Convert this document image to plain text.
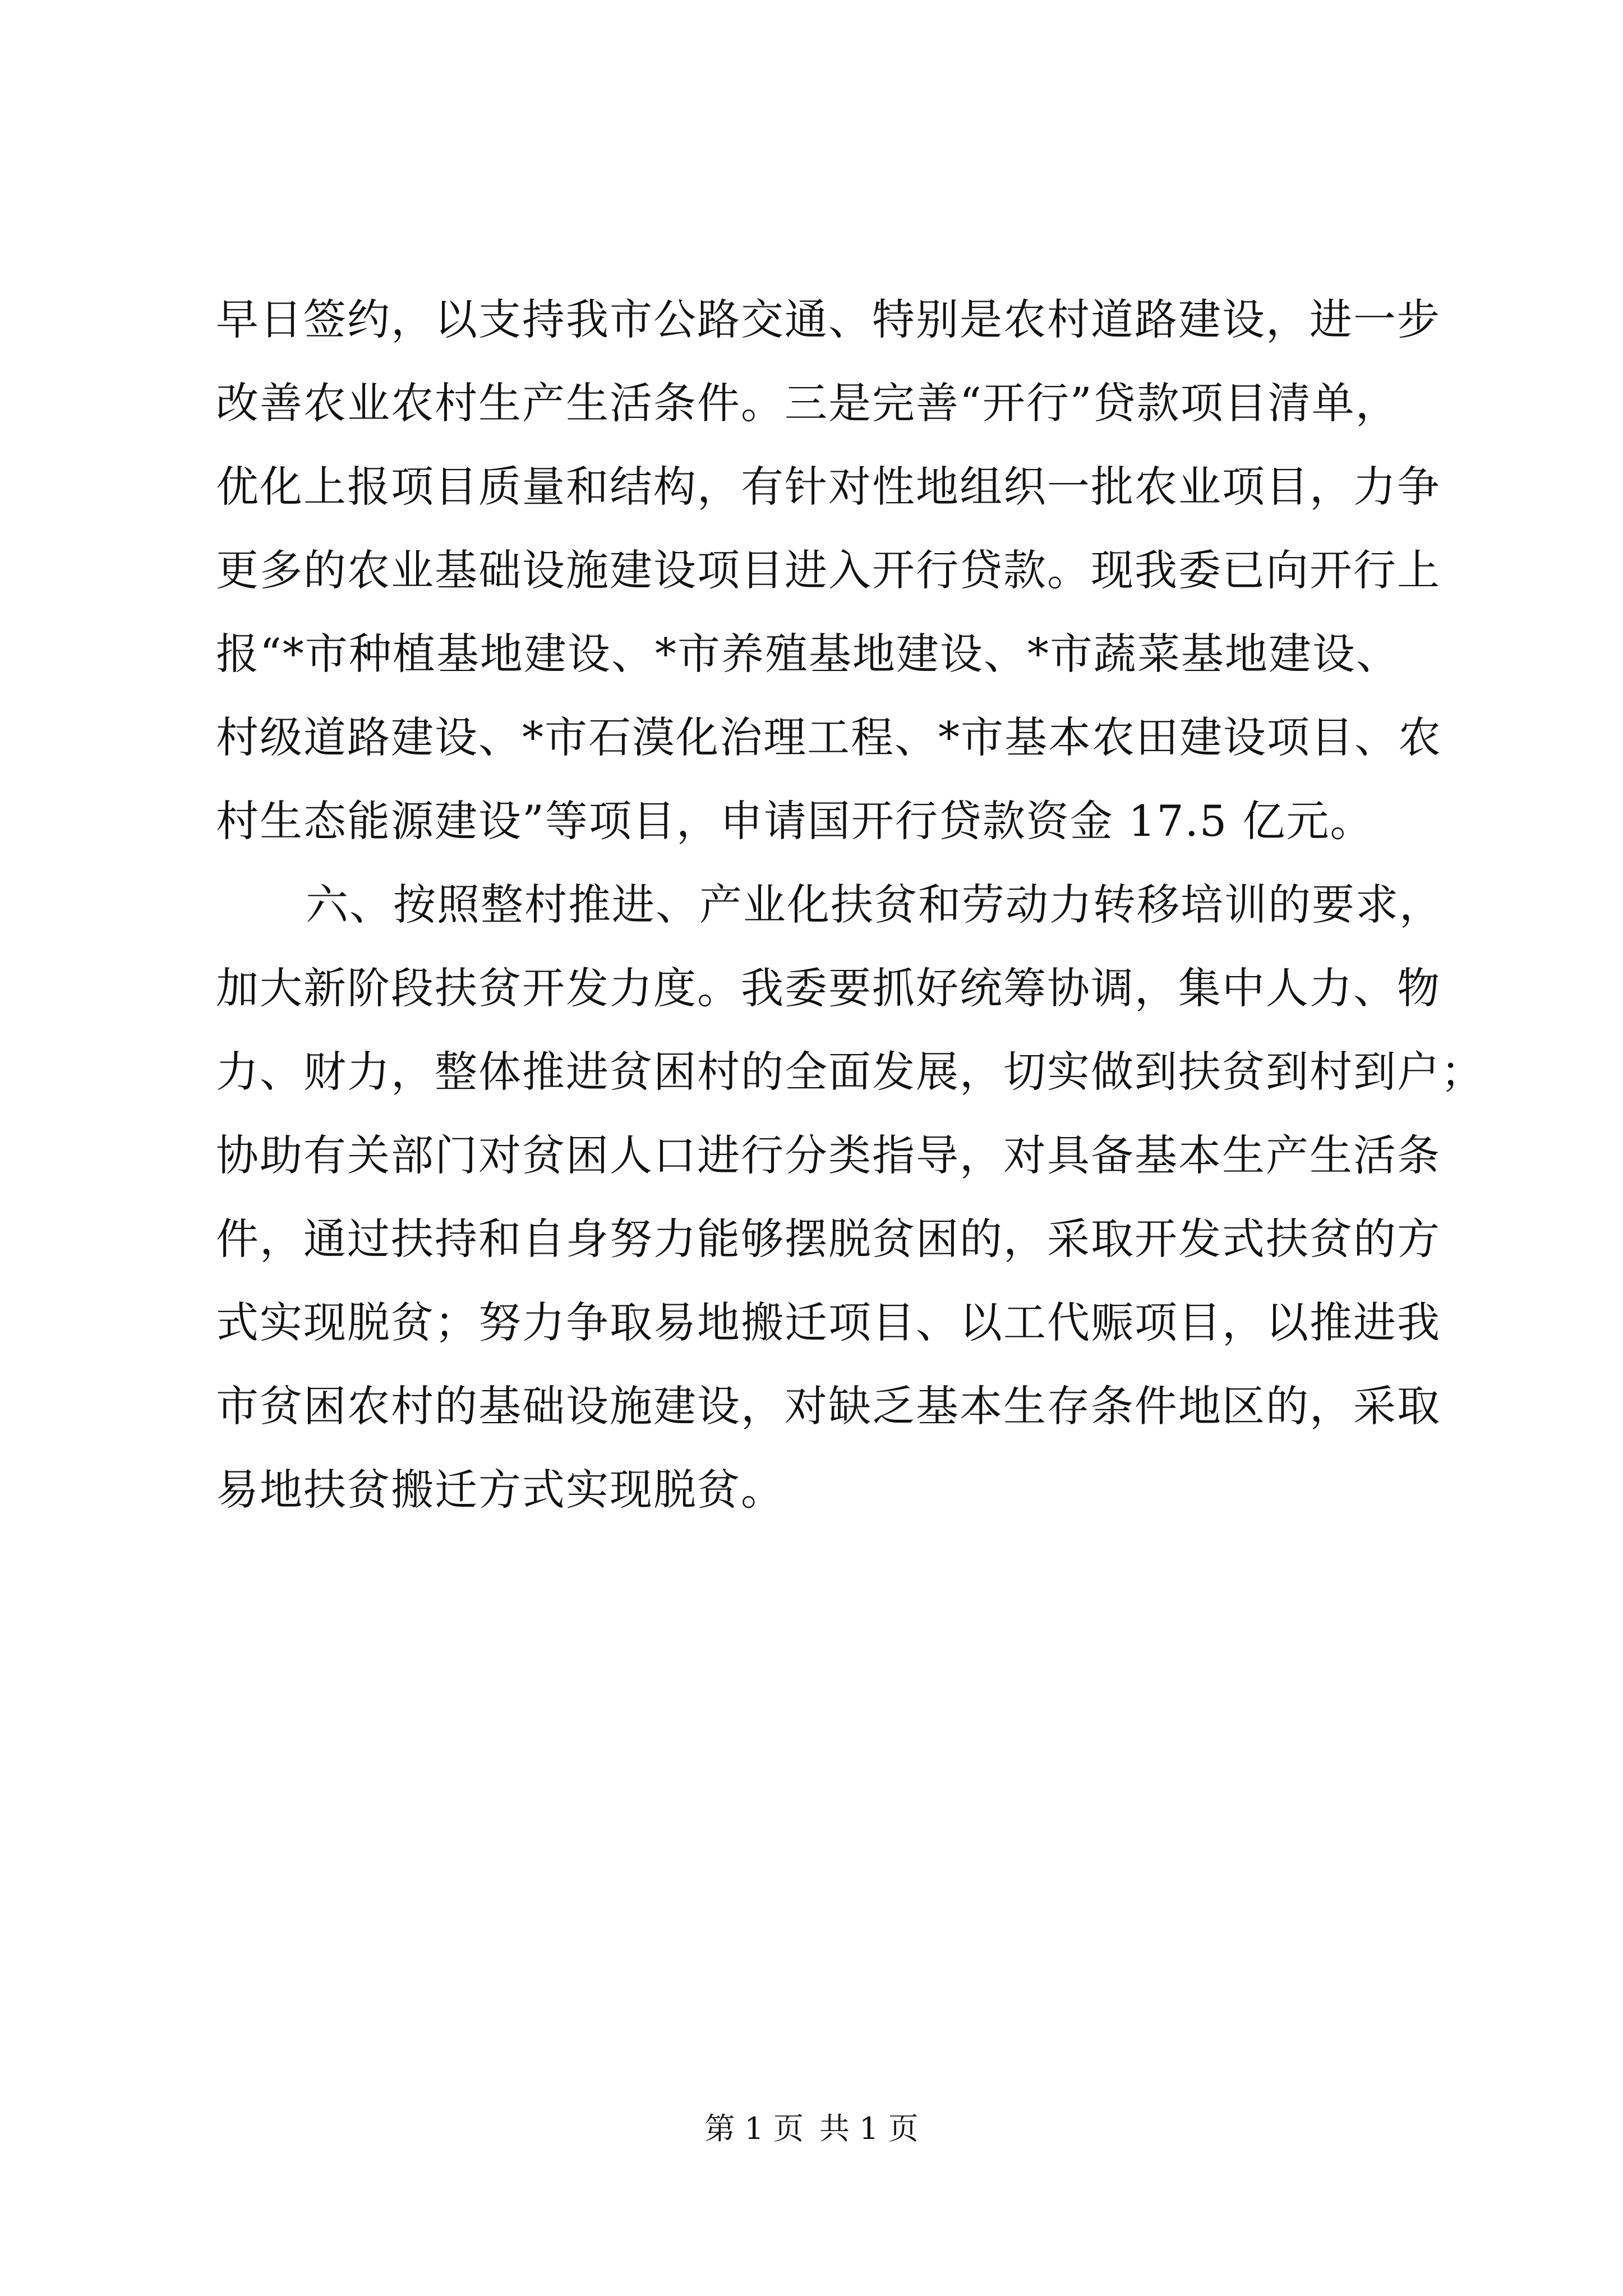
早日签约，以支持我市公路交通、特别是农村道路建设，进一步
改善农业农村生产生活条件。三是完善“开行”贷款项目清单，
优化上报项目质量和结构，有针对性地组织一批农业项目，力争
更多的农业基础设施建设项目进入开行贷款。现我委已向开行上
报“*市种植基地建设、*市养殖基地建设、*市蔬菜基地建设、
村级道路建设、*市石漠化治理工程、*市基本农田建设项目、农
村生态能源建设”等项目，申请国开行贷款资金 17.5 亿元。
六、按照整村推进、产业化扶贫和劳动力转移培训的要求，
加大新阶段扶贫开发力度。我委要抓好统筹协调，集中人力、物
力、财力，整体推进贫困村的全面发展，切实做到扶贫到村到户；
协助有关部门对贫困人口进行分类指导，对具备基本生产生活条
件，通过扶持和自身努力能够摆脱贫困的，采取开发式扶贫的方
式实现脱贫；努力争取易地搬迁项目、以工代赈项目，以推进我
市贫困农村的基础设施建设，对缺乏基本生存条件地区的，采取
易地扶贫搬迁方式实现脱贫。
第 1 页 共 1 页
